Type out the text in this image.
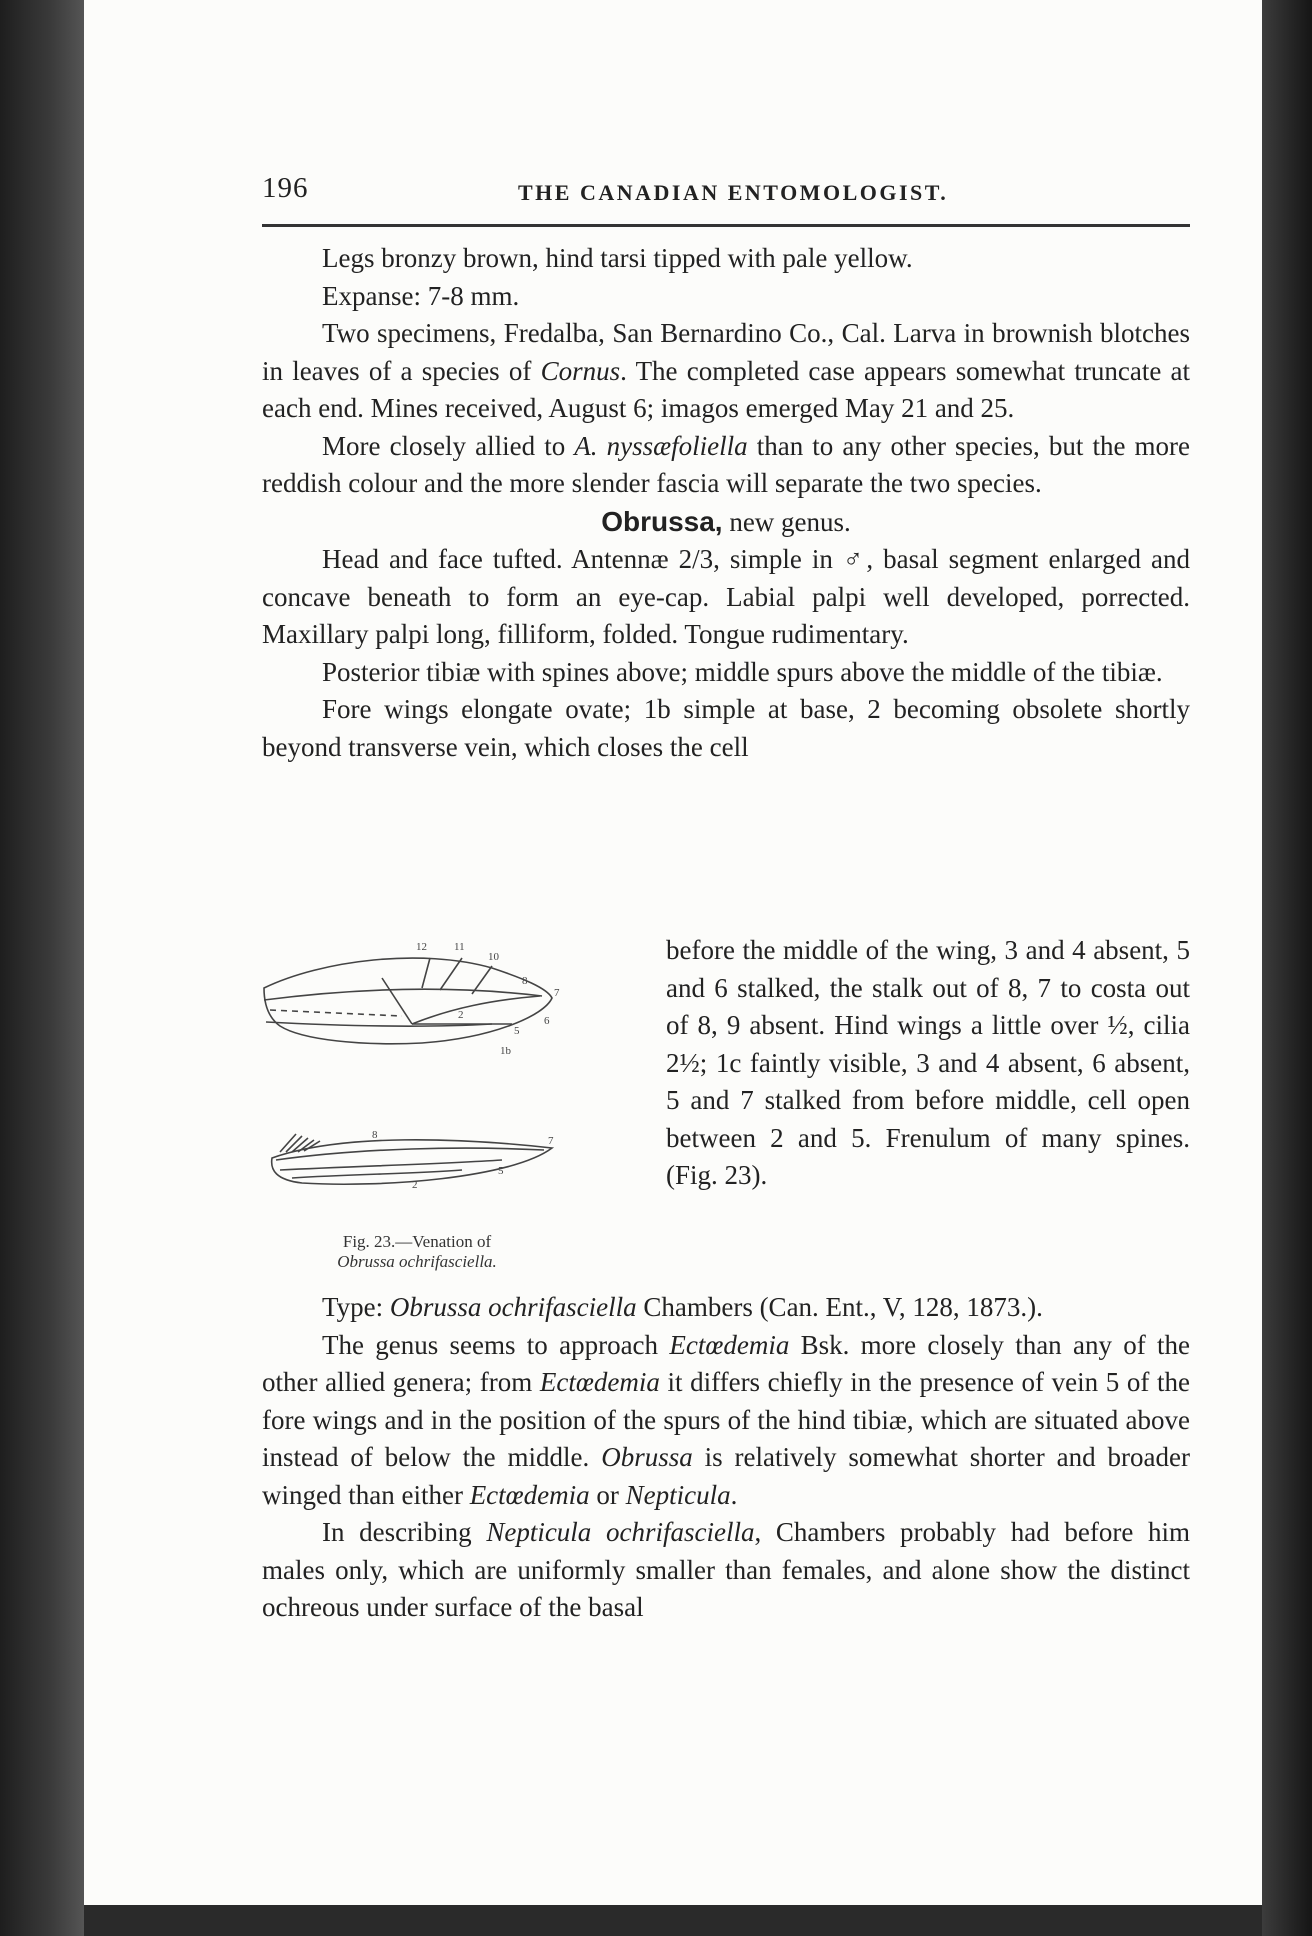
196	THE CANADIAN ENTOMOLOGIST.

Legs bronzy brown, hind tarsi tipped with pale yellow.

Expanse: 7-8 mm.

Two specimens, Fredalba, San Bernardino Co., Cal. Larva in brownish blotches in leaves of a species of Cornus. The completed case appears somewhat truncate at each end. Mines received, August 6; imagos emerged May 21 and 25.

More closely allied to A. nyssæfoliella than to any other species, but the more reddish colour and the more slender fascia will separate the two species.

Obrussa, new genus.

Head and face tufted. Antennæ 2/3, simple in ♂, basal segment enlarged and concave beneath to form an eye-cap. Labial palpi well developed, porrected. Maxillary palpi long, filliform, folded. Tongue rudimentary.

Posterior tibiæ with spines above; middle spurs above the middle of the tibiæ.

Fore wings elongate ovate; 1b simple at base, 2 becoming obsolete shortly beyond transverse vein, which closes the cell

12 11
10
8
7
6
5
2
1b
8	7
5
2
Fig. 23.—Venation of
Obrussa ochrifasciella.

before the middle of the wing, 3 and 4 absent, 5 and 6 stalked, the stalk out of 8, 7 to costa out of 8, 9 absent. Hind wings a little over ½, cilia 2½; 1c faintly visible, 3 and 4 absent, 6 absent, 5 and 7 stalked from before middle, cell open between 2 and 5. Frenulum of many spines. (Fig. 23).

Type: Obrussa ochrifasciella Chambers (Can. Ent., V, 128, 1873.).

The genus seems to approach Ectœdemia Bsk. more closely than any of the other allied genera; from Ectœdemia it differs chiefly in the presence of vein 5 of the fore wings and in the position of the spurs of the hind tibiæ, which are situated above instead of below the middle. Obrussa is relatively somewhat shorter and broader winged than either Ectœdemia or Nepticula.

In describing Nepticula ochrifasciella, Chambers probably had before him males only, which are uniformly smaller than females, and alone show the distinct ochreous under surface of the basal
